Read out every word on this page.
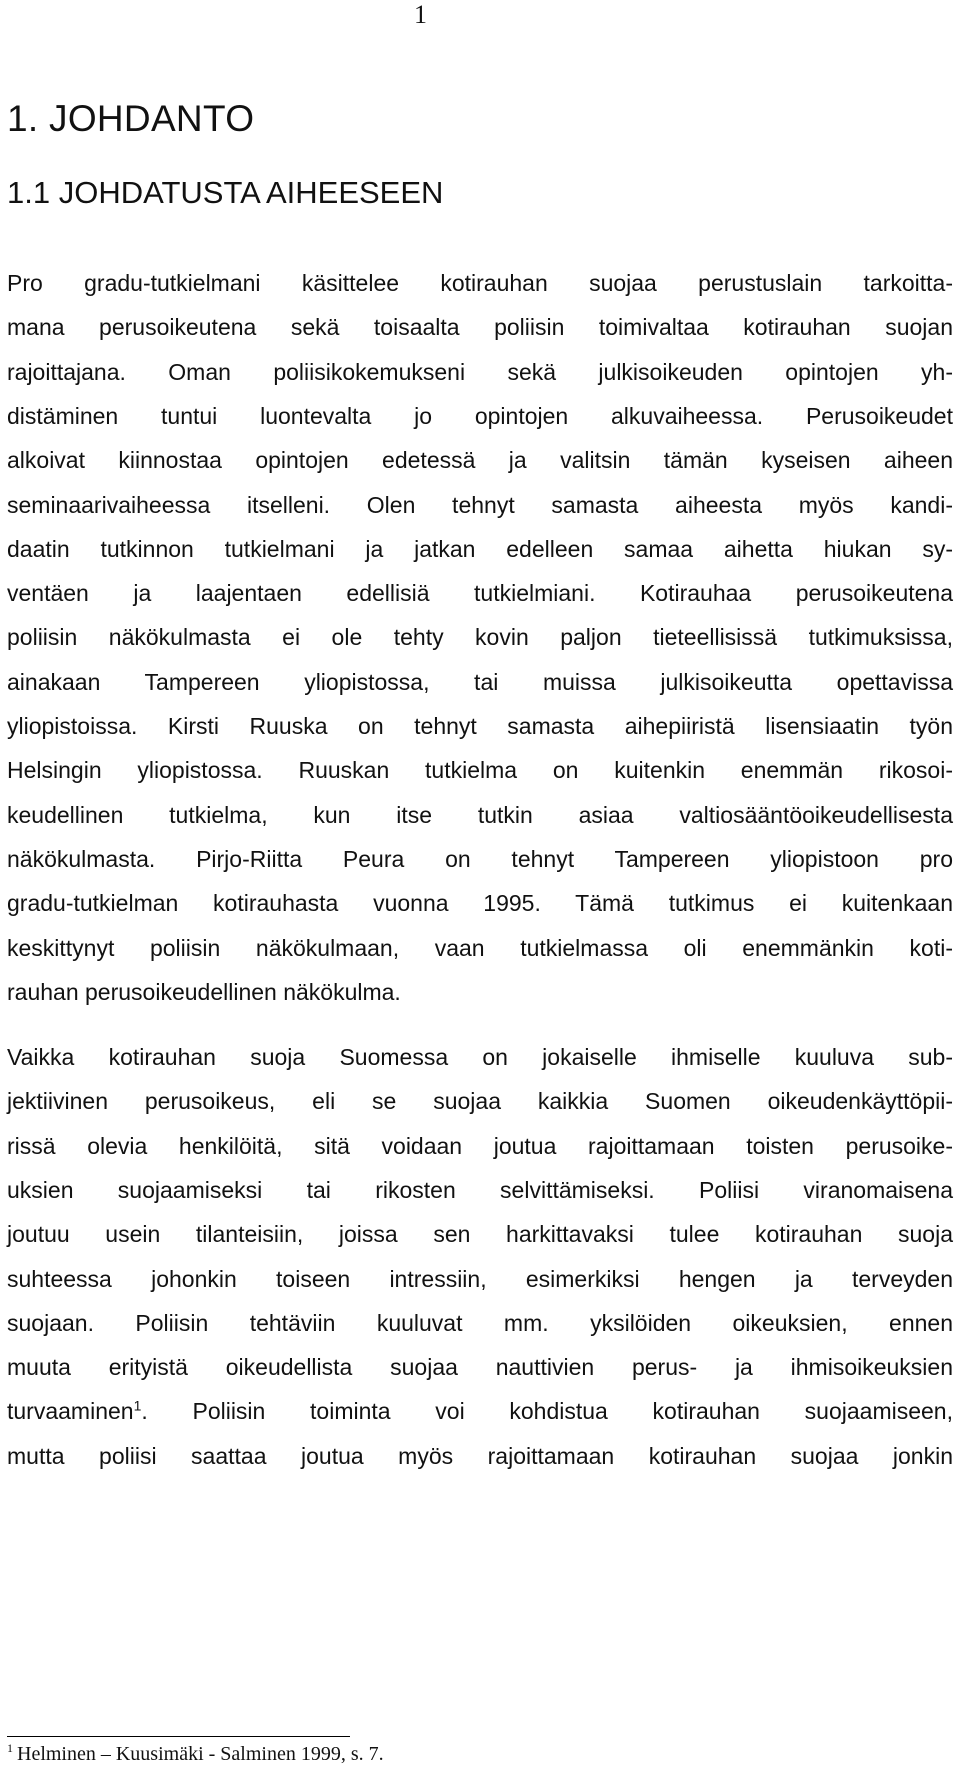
1
1. JOHDANTO
1.1 JOHDATUSTA AIHEESEEN
Pro gradu-tutkielmani käsittelee kotirauhan suojaa perustuslain tarkoitta-
mana perusoikeutena sekä toisaalta poliisin toimivaltaa kotirauhan suojan
rajoittajana. Oman poliisikokemukseni sekä julkisoikeuden opintojen yh-
distäminen tuntui luontevalta jo opintojen alkuvaiheessa. Perusoikeudet
alkoivat kiinnostaa opintojen edetessä ja valitsin tämän kyseisen aiheen
seminaarivaiheessa itselleni. Olen tehnyt samasta aiheesta myös kandi-
daatin tutkinnon tutkielmani ja jatkan edelleen samaa aihetta hiukan sy-
ventäen ja laajentaen edellisiä tutkielmiani. Kotirauhaa perusoikeutena
poliisin näkökulmasta ei ole tehty kovin paljon tieteellisissä tutkimuksissa,
ainakaan Tampereen yliopistossa, tai muissa julkisoikeutta opettavissa
yliopistoissa. Kirsti Ruuska on tehnyt samasta aihepiiristä lisensiaatin työn
Helsingin yliopistossa. Ruuskan tutkielma on kuitenkin enemmän rikosoi-
keudellinen tutkielma, kun itse tutkin asiaa valtiosääntöoikeudellisesta
näkökulmasta. Pirjo-Riitta Peura on tehnyt Tampereen yliopistoon pro
gradu-tutkielman kotirauhasta vuonna 1995. Tämä tutkimus ei kuitenkaan
keskittynyt poliisin näkökulmaan, vaan tutkielmassa oli enemmänkin koti-
rauhan perusoikeudellinen näkökulma.
Vaikka kotirauhan suoja Suomessa on jokaiselle ihmiselle kuuluva sub-
jektiivinen perusoikeus, eli se suojaa kaikkia Suomen oikeudenkäyttöpii-
rissä olevia henkilöitä, sitä voidaan joutua rajoittamaan toisten perusoike-
uksien suojaamiseksi tai rikosten selvittämiseksi. Poliisi viranomaisena
joutuu usein tilanteisiin, joissa sen harkittavaksi tulee kotirauhan suoja
suhteessa johonkin toiseen intressiin, esimerkiksi hengen ja terveyden
suojaan. Poliisin tehtäviin kuuluvat mm. yksilöiden oikeuksien, ennen
muuta erityistä oikeudellista suojaa nauttivien perus- ja ihmisoikeuksien
turvaaminen$^1$. Poliisin toiminta voi kohdistua kotirauhan suojaamiseen,
mutta poliisi saattaa joutua myös rajoittamaan kotirauhan suojaa jonkin
$^1$ Helminen – Kuusimäki - Salminen 1999, s. 7.
